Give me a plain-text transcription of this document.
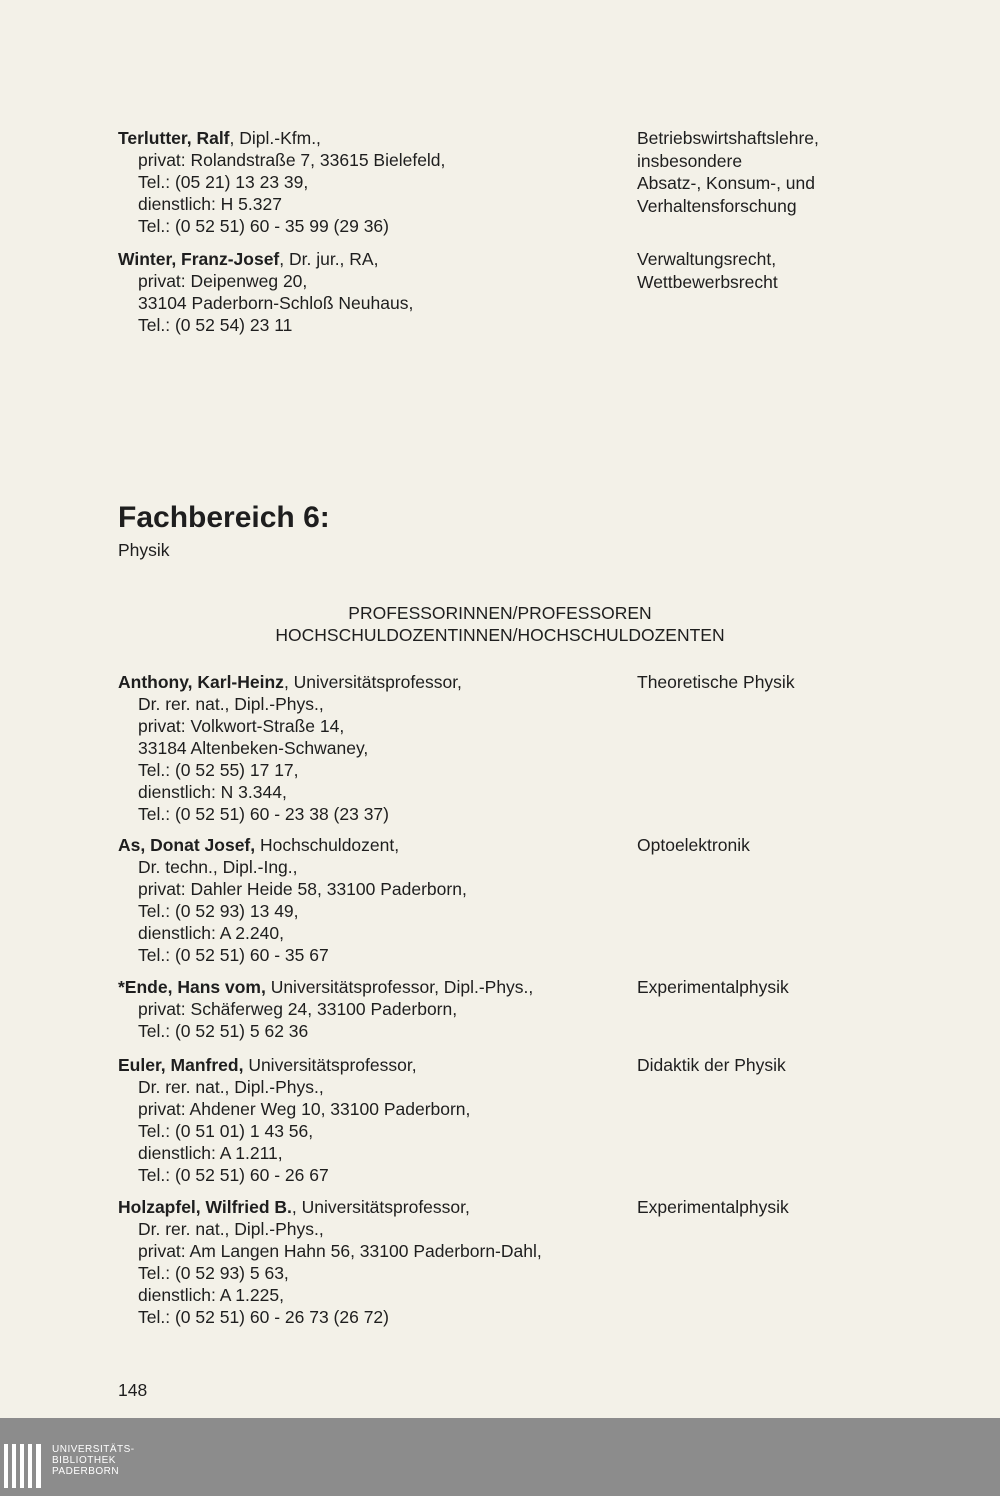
Terlutter, Ralf, Dipl.-Kfm.,
privat: Rolandstraße 7, 33615 Bielefeld,
Tel.: (05 21) 13 23 39,
dienstlich: H 5.327
Tel.: (0 52 51) 60 - 35 99 (29 36)
Betriebswirtshaftslehre,
insbesondere
Absatz-, Konsum-, und
Verhaltensforschung
Winter, Franz-Josef, Dr. jur., RA,
privat: Deipenweg 20,
33104 Paderborn-Schloß Neuhaus,
Tel.: (0 52 54) 23 11
Verwaltungsrecht,
Wettbewerbsrecht
Fachbereich 6:
Physik
PROFESSORINNEN/PROFESSOREN
HOCHSCHULDOZENTINNEN/HOCHSCHULDOZENTEN
Anthony, Karl-Heinz, Universitätsprofessor,
Dr. rer. nat., Dipl.-Phys.,
privat: Volkwort-Straße 14,
33184 Altenbeken-Schwaney,
Tel.: (0 52 55) 17 17,
dienstlich: N 3.344,
Tel.: (0 52 51) 60 - 23 38 (23 37)
Theoretische Physik
As, Donat Josef, Hochschuldozent,
Dr. techn., Dipl.-Ing.,
privat: Dahler Heide 58, 33100 Paderborn,
Tel.: (0 52 93) 13 49,
dienstlich: A 2.240,
Tel.: (0 52 51) 60 - 35 67
Optoelektronik
*Ende, Hans vom, Universitätsprofessor, Dipl.-Phys.,
privat: Schäferweg 24, 33100 Paderborn,
Tel.: (0 52 51) 5 62 36
Experimentalphysik
Euler, Manfred, Universitätsprofessor,
Dr. rer. nat., Dipl.-Phys.,
privat: Ahdener Weg 10, 33100 Paderborn,
Tel.: (0 51 01) 1 43 56,
dienstlich: A 1.211,
Tel.: (0 52 51) 60 - 26 67
Didaktik der Physik
Holzapfel, Wilfried B., Universitätsprofessor,
Dr. rer. nat., Dipl.-Phys.,
privat: Am Langen Hahn 56, 33100 Paderborn-Dahl,
Tel.: (0 52 93) 5 63,
dienstlich: A 1.225,
Tel.: (0 52 51) 60 - 26 73 (26 72)
Experimentalphysik
148
UNIVERSITÄTS-
BIBLIOTHEK
PADERBORN
